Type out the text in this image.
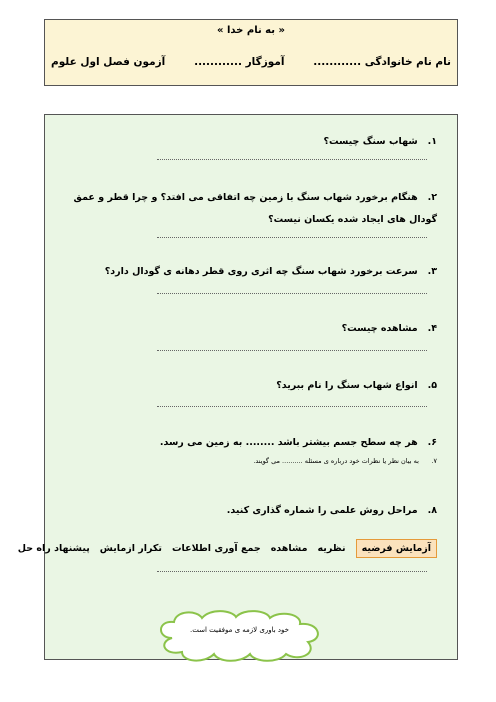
« به نام خدا »
نام نام خانوادگی ............
آموزگار ............
آزمون فصل اول علوم
۱. شهاب سنگ چیست؟
۲. هنگام برخورد شهاب سنگ با زمین چه اتفاقی می افتد؟ و چرا قطر و عمق گودال های ایجاد شده یکسان نیست؟
۳. سرعت برخورد شهاب سنگ چه اثری روی قطر دهانه ی گودال دارد؟
۴. مشاهده چیست؟
۵. انواع شهاب سنگ را نام ببرید؟
۶. هر چه سطح جسم بیشتر باشد ........ به زمین می رسد.
۷. به بیان نظر یا نظرات خود درباره ی مسئله .......... می گویند.
۸. مراحل روش علمی را شماره گذاری کنید.
آزمایش فرضیه
نظریه
مشاهده
جمع آوری اطلاعات
تکرار ازمایش
پیشنهاد راه حل
خود باوری لازمه ی موفقیت است.
